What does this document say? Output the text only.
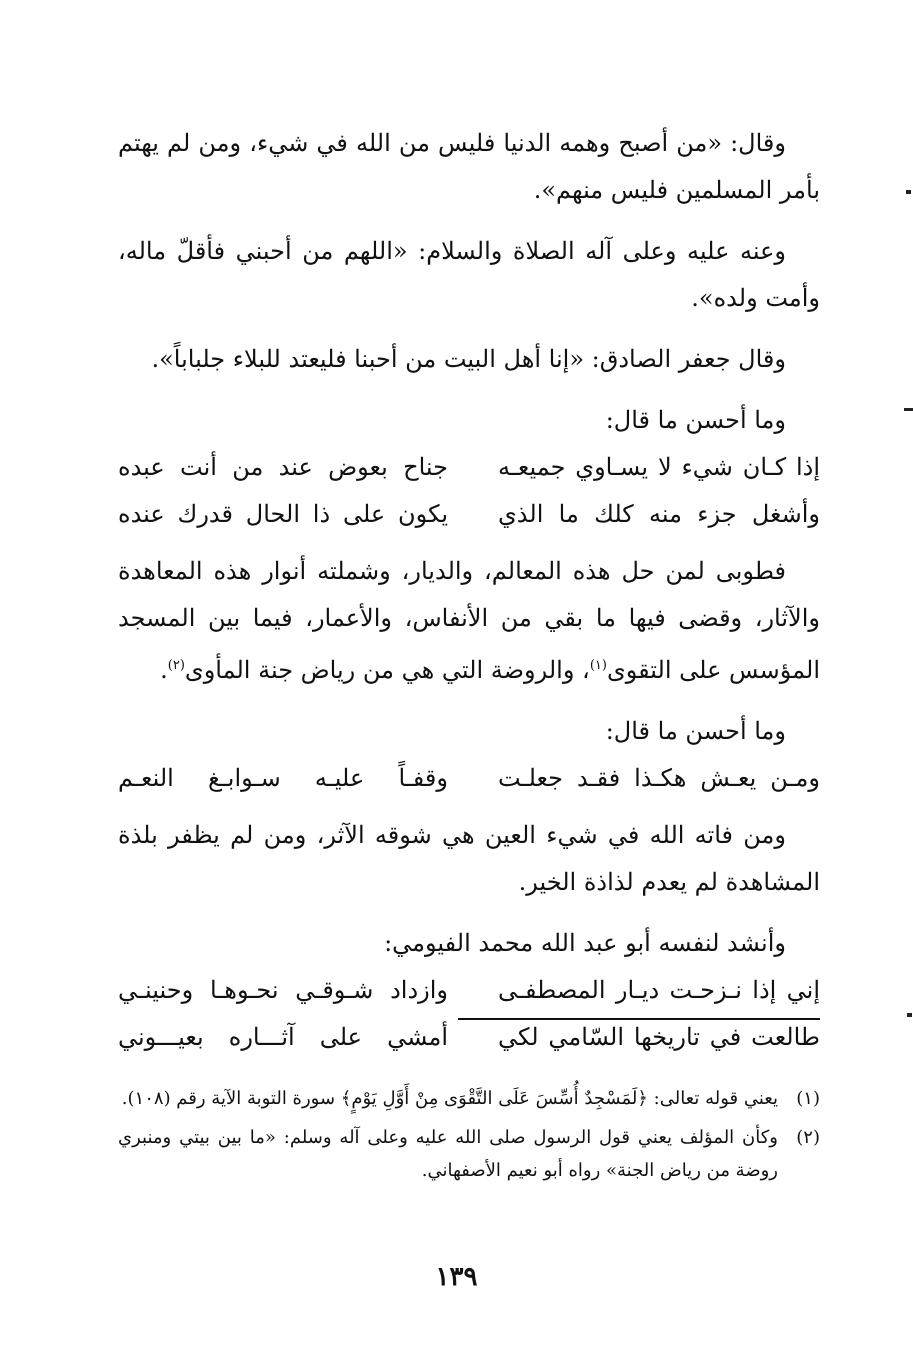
وقال: «من أصبح وهمه الدنيا فليس من الله في شيء، ومن لم يهتم بأمر المسلمين فليس منهم».

وعنه عليه وعلى آله الصلاة والسلام: «اللهم من أحبني فأقلّ ماله، وأمت ولده».

وقال جعفر الصادق: «إنا أهل البيت من أحبنا فليعتد للبلاء جلباباً».

وما أحسن ما قال:

إذا كـان شيء لا يسـاوي جميعـه
جناح بعوض عند من أنت عبده
وأشغل جزء منه كلك ما الذي
يكون على ذا الحال قدرك عنده

فطوبى لمن حل هذه المعالم، والديار، وشملته أنوار هذه المعاهدة والآثار، وقضى فيها ما بقي من الأنفاس، والأعمار، فيما بين المسجد المؤسس على التقوى$^{(١)}$، والروضة التي هي من رياض جنة المأوى$^{(٢)}$.

وما أحسن ما قال:

ومـن يعـش هكـذا فقـد جعلـت
وقفـاً عليـه سـوابـغ النعـم

ومن فاته الله في شيء العين هي شوقه الآثر، ومن لم يظفر بلذة المشاهدة لم يعدم لذاذة الخير.

وأنشد لنفسه أبو عبد الله محمد الفيومي:

إني إذا نـزحـت ديـار المصطفـى
وازداد شـوقـي نحـوهـا وحنينـي
طالعت في تاريخها السّامي لكي
أمشي على آثـــاره بعيـــوني
(١)
يعني قوله تعالى: ﴿لَمَسْجِدٌ أُسِّسَ عَلَى التَّقْوَى مِنْ أَوَّلِ يَوْمٍ﴾ سورة التوبة الآية رقم (١٠٨).
(٢)
وكأن المؤلف يعني قول الرسول صلى الله عليه وعلى آله وسلم: «ما بين بيتي ومنبري روضة من رياض الجنة» رواه أبو نعيم الأصفهاني.
١٣٩
